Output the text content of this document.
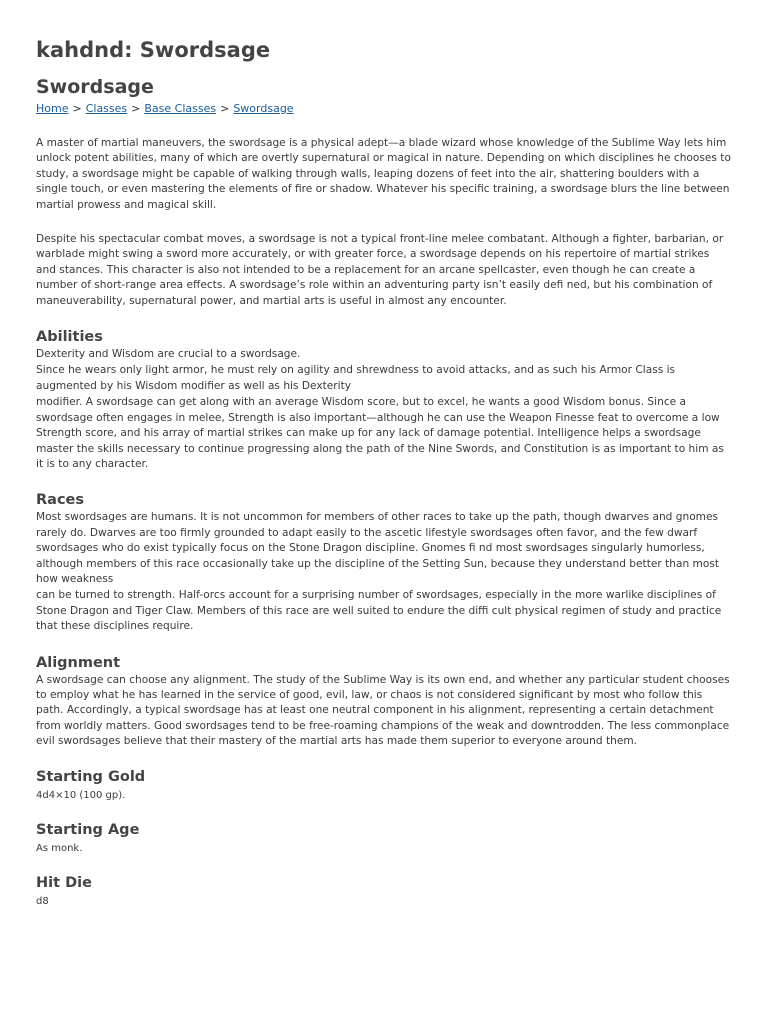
kahdnd: Swordsage
Swordsage
Home > Classes > Base Classes > Swordsage

A master of martial maneuvers, the swordsage is a physical adept—a blade wizard whose knowledge of the Sublime Way lets him unlock potent abilities, many of which are overtly supernatural or magical in nature. Depending on which disciplines he chooses to study, a swordsage might be capable of walking through walls, leaping dozens of feet into the air, shattering boulders with a single touch, or even mastering the elements of fire or shadow. Whatever his specific training, a swordsage blurs the line between martial prowess and magical skill.

Despite his spectacular combat moves, a swordsage is not a typical front-line melee combatant. Although a fighter, barbarian, or warblade might swing a sword more accurately, or with greater force, a swordsage depends on his repertoire of martial strikes and stances. This character is also not intended to be a replacement for an arcane spellcaster, even though he can create a number of short-range area effects. A swordsage’s role within an adventuring party isn’t easily defi ned, but his combination of maneuverability, supernatural power, and martial arts is useful in almost any encounter.

Abilities

Dexterity and Wisdom are crucial to a swordsage.

Since he wears only light armor, he must rely on agility and shrewdness to avoid attacks, and as such his Armor Class is augmented by his Wisdom modifier as well as his Dexterity

modifier. A swordsage can get along with an average Wisdom score, but to excel, he wants a good Wisdom bonus. Since a swordsage often engages in melee, Strength is also important—although he can use the Weapon Finesse feat to overcome a low Strength score, and his array of martial strikes can make up for any lack of damage potential. Intelligence helps a swordsage master the skills necessary to continue progressing along the path of the Nine Swords, and Constitution is as important to him as it is to any character.

Races

Most swordsages are humans. It is not uncommon for members of other races to take up the path, though dwarves and gnomes rarely do. Dwarves are too firmly grounded to adapt easily to the ascetic lifestyle swordsages often favor, and the few dwarf swordsages who do exist typically focus on the Stone Dragon discipline. Gnomes fi nd most swordsages singularly humorless, although members of this race occasionally take up the discipline of the Setting Sun, because they understand better than most how weakness

can be turned to strength. Half-orcs account for a surprising number of swordsages, especially in the more warlike disciplines of Stone Dragon and Tiger Claw. Members of this race are well suited to endure the diffi cult physical regimen of study and practice that these disciplines require.

Alignment

A swordsage can choose any alignment. The study of the Sublime Way is its own end, and whether any particular student chooses to employ what he has learned in the service of good, evil, law, or chaos is not considered significant by most who follow this path. Accordingly, a typical swordsage has at least one neutral component in his alignment, representing a certain detachment from worldly matters. Good swordsages tend to be free-roaming champions of the weak and downtrodden. The less commonplace evil swordsages believe that their mastery of the martial arts has made them superior to everyone around them.

Starting Gold

4d4×10 (100 gp).

Starting Age

As monk.

Hit Die

d8
